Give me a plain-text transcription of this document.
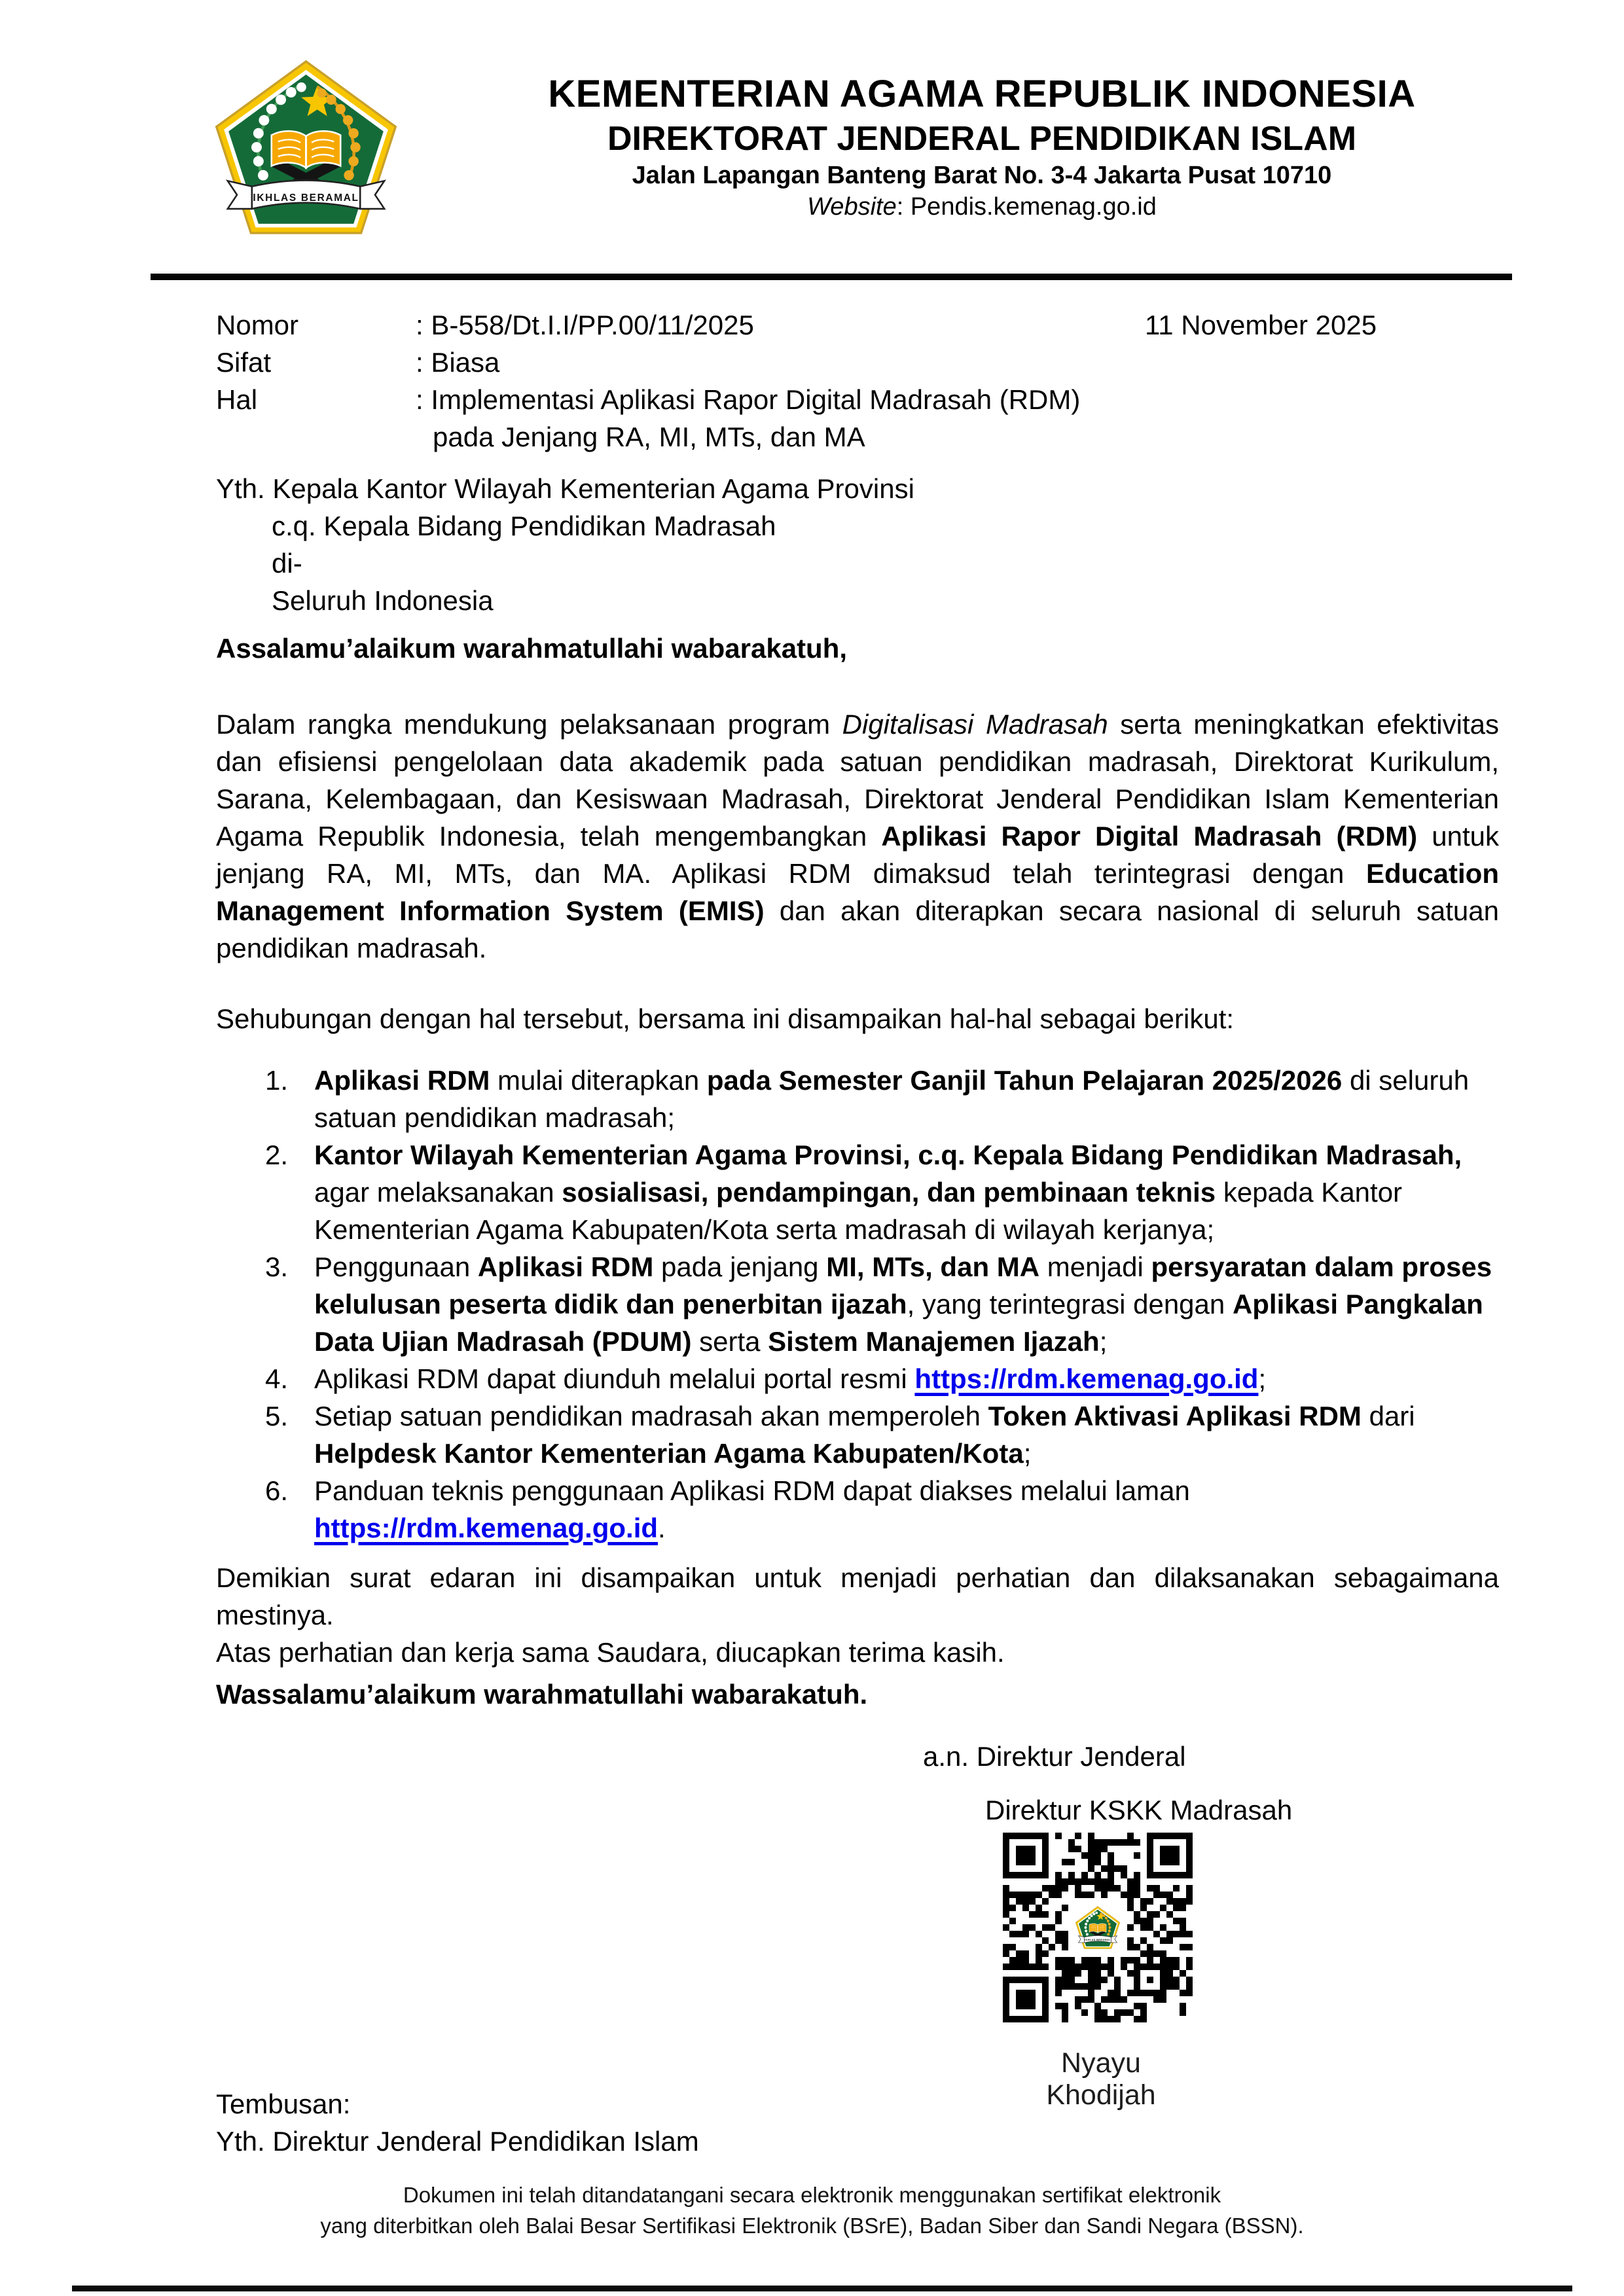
KEMENTERIAN AGAMA REPUBLIK INDONESIA
DIREKTORAT JENDERAL PENDIDIKAN ISLAM
Jalan Lapangan Banteng Barat No. 3-4 Jakarta Pusat 10710
Website: Pendis.kemenag.go.id
Nomor	: B-558/Dt.I.I/PP.00/11/2025	11 November 2025
Sifat	: Biasa
Hal	: Implementasi Aplikasi Rapor Digital Madrasah (RDM)
pada Jenjang RA, MI, MTs, dan MA
Yth. Kepala Kantor Wilayah Kementerian Agama Provinsi
c.q. Kepala Bidang Pendidikan Madrasah
di-
Seluruh Indonesia
Assalamu’alaikum warahmatullahi wabarakatuh,
Dalam rangka mendukung pelaksanaan program Digitalisasi Madrasah serta meningkatkan efektivitas dan efisiensi pengelolaan data akademik pada satuan pendidikan madrasah, Direktorat Kurikulum, Sarana, Kelembagaan, dan Kesiswaan Madrasah, Direktorat Jenderal Pendidikan Islam Kementerian Agama Republik Indonesia, telah mengembangkan Aplikasi Rapor Digital Madrasah (RDM) untuk jenjang RA, MI, MTs, dan MA. Aplikasi RDM dimaksud telah terintegrasi dengan Education Management Information System (EMIS) dan akan diterapkan secara nasional di seluruh satuan pendidikan madrasah.
Sehubungan dengan hal tersebut, bersama ini disampaikan hal-hal sebagai berikut:
1. Aplikasi RDM mulai diterapkan pada Semester Ganjil Tahun Pelajaran 2025/2026 di seluruh satuan pendidikan madrasah;
2. Kantor Wilayah Kementerian Agama Provinsi, c.q. Kepala Bidang Pendidikan Madrasah, agar melaksanakan sosialisasi, pendampingan, dan pembinaan teknis kepada Kantor Kementerian Agama Kabupaten/Kota serta madrasah di wilayah kerjanya;
3. Penggunaan Aplikasi RDM pada jenjang MI, MTs, dan MA menjadi persyaratan dalam proses kelulusan peserta didik dan penerbitan ijazah, yang terintegrasi dengan Aplikasi Pangkalan Data Ujian Madrasah (PDUM) serta Sistem Manajemen Ijazah;
4. Aplikasi RDM dapat diunduh melalui portal resmi https://rdm.kemenag.go.id;
5. Setiap satuan pendidikan madrasah akan memperoleh Token Aktivasi Aplikasi RDM dari Helpdesk Kantor Kementerian Agama Kabupaten/Kota;
6. Panduan teknis penggunaan Aplikasi RDM dapat diakses melalui laman https://rdm.kemenag.go.id.
Demikian surat edaran ini disampaikan untuk menjadi perhatian dan dilaksanakan sebagaimana mestinya.
Atas perhatian dan kerja sama Saudara, diucapkan terima kasih.
Wassalamu’alaikum warahmatullahi wabarakatuh.
a.n. Direktur Jenderal
Direktur KSKK Madrasah
Nyayu Khodijah
Tembusan:
Yth. Direktur Jenderal Pendidikan Islam
Dokumen ini telah ditandatangani secara elektronik menggunakan sertifikat elektronik
yang diterbitkan oleh Balai Besar Sertifikasi Elektronik (BSrE), Badan Siber dan Sandi Negara (BSSN).
